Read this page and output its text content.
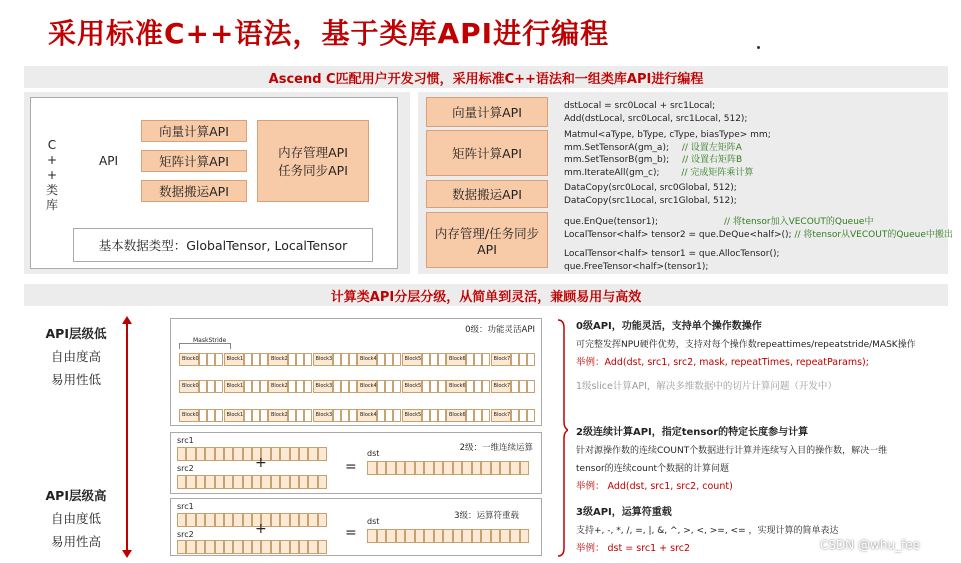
采用标准C++语法，基于类库API进行编程
Ascend C匹配用户开发习惯，采用标准C++语法和一组类库API进行编程
C
+
+
类
库
API
向量计算API
矩阵计算API
数据搬运API
内存管理API
任务同步API
基本数据类型：GlobalTensor, LocalTensor
向量计算API	dstLocal = src0Local + src1Local;
Add(dstLocal, src0Local, src1Local, 512);
矩阵计算API
Matmul<aType, bType, cType, biasType> mm;
mm.SetTensorA(gm_a); // 设置左矩阵A
mm.SetTensorB(gm_b); // 设置右矩阵B
mm.IterateAll(gm_c); // 完成矩阵乘计算
数据搬运API	DataCopy(src0Local, src0Global, 512);
DataCopy(src1Local, src1Global, 512);
内存管理/任务同步API
que.EnQue(tensor1);	// 将tensor加入VECOUT的Queue中
LocalTensor<half> tensor2 = que.DeQue<half>(); // 将tensor从VECOUT的Queue中搬出
LocalTensor<half> tensor1 = que.AllocTensor();
que.FreeTensor<half>(tensor1);
计算类API分层分级，从简单到灵活，兼顾易用与高效
API层级低
自由度高
易用性低
API层级高
自由度低
易用性高
0级：功能灵活API
MaskStride
Block0	Block1	Block2	Block3	Block4	Block5	Block6	Block7
Block0	Block1	Block2	Block3	Block4	Block5	Block6	Block7
Block0	Block1	Block2	Block3	Block4	Block5	Block6	Block7
2级：一维连续运算
src1
src2	+	=
dst
3级：运算符重载
src1
src2	+	=
dst
0级API，功能灵活，支持单个操作数操作
可完整发挥NPU硬件优势，支持对每个操作数repeattimes/repeatstride/MASK操作
举例：Add(dst, src1, src2, mask, repeatTimes, repeatParams);
1级slice计算API，解决多维数据中的切片计算问题（开发中）
2级连续计算API，指定tensor的特定长度参与计算
针对源操作数的连续COUNT个数据进行计算并连续写入目的操作数，解决一维
tensor的连续count个数据的计算问题
举例： Add(dst, src1, src2, count)
3级API，运算符重载
支持+, -, *, /, =, |, &, ^, >, <, >=, <= ，实现计算的简单表达
举例： dst = src1 + src2	CSDN @whu_fee
